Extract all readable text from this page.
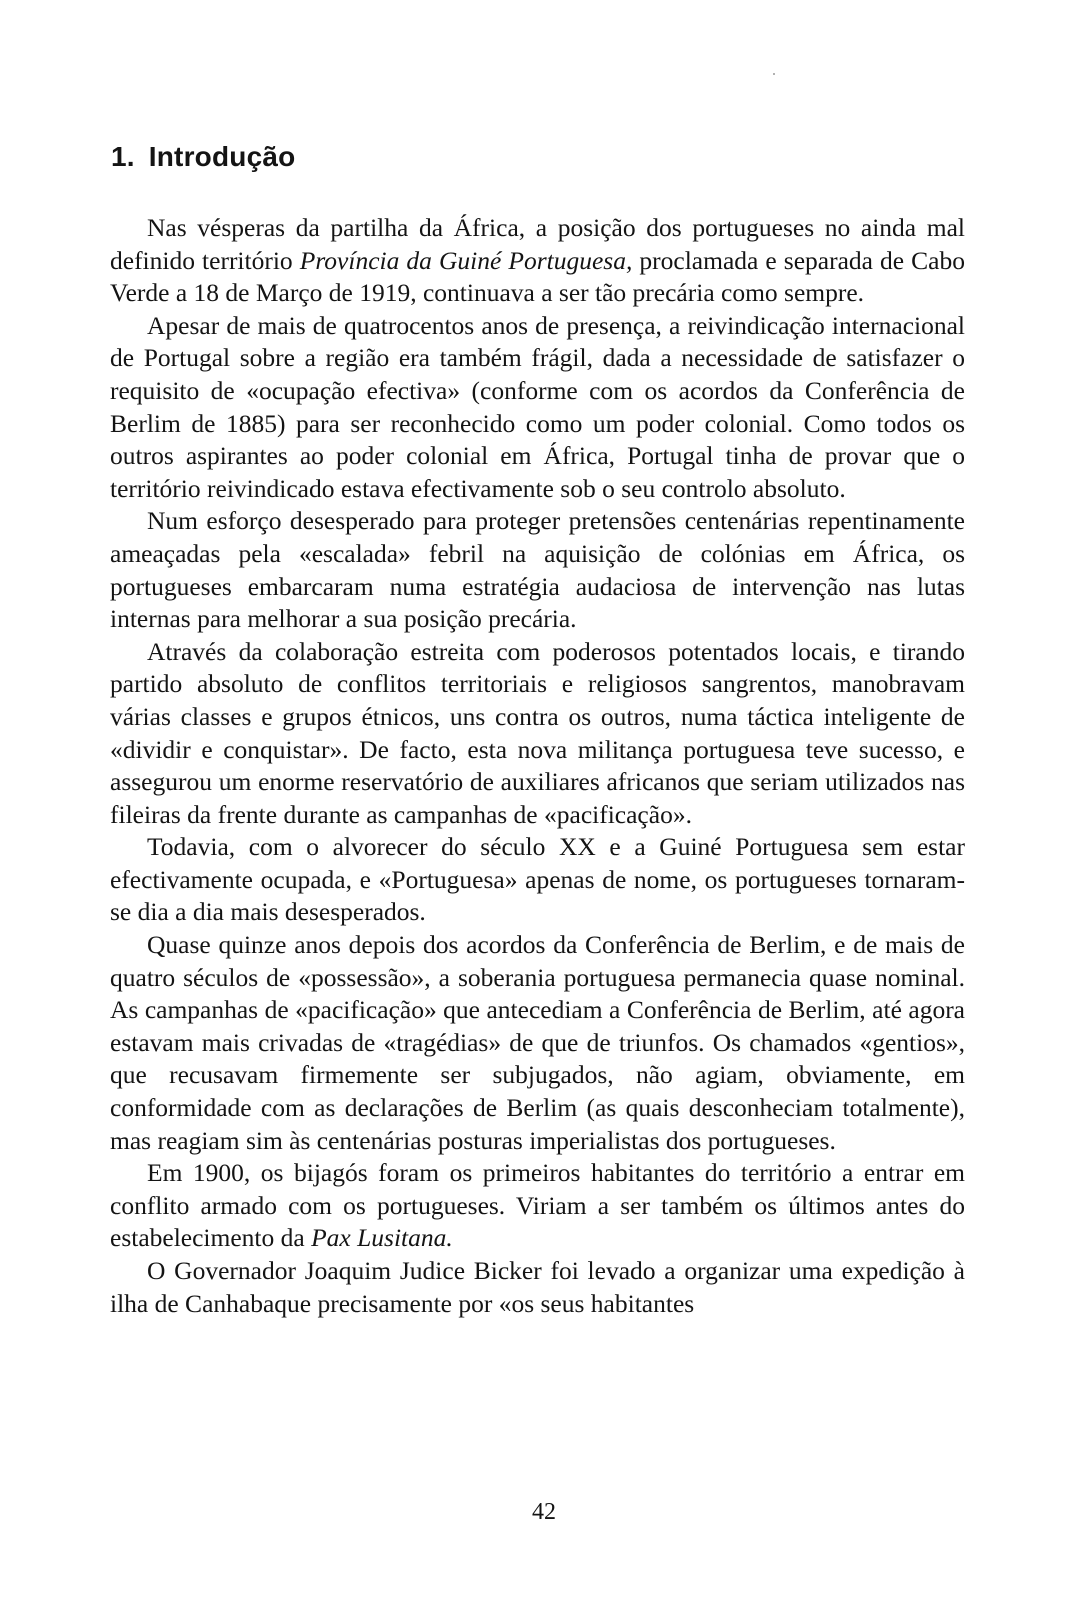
1. Introdução

Nas vésperas da partilha da África, a posição dos portugueses no ainda mal definido território Província da Guiné Portuguesa, proclamada e separada de Cabo Verde a 18 de Março de 1919, continuava a ser tão precária como sempre.

Apesar de mais de quatrocentos anos de presença, a reivindicação internacional de Portugal sobre a região era também frágil, dada a necessidade de satisfazer o requisito de «ocupação efectiva» (conforme com os acordos da Conferência de Berlim de 1885) para ser reconhecido como um poder colonial. Como todos os outros aspirantes ao poder colonial em África, Portugal tinha de provar que o território reivindicado estava efectivamente sob o seu controlo absoluto.

Num esforço desesperado para proteger pretensões centenárias repentinamente ameaçadas pela «escalada» febril na aquisição de colónias em África, os portugueses embarcaram numa estratégia audaciosa de intervenção nas lutas internas para melhorar a sua posição precária.

Através da colaboração estreita com poderosos potentados locais, e tirando partido absoluto de conflitos territoriais e religiosos sangrentos, manobravam várias classes e grupos étnicos, uns contra os outros, numa táctica inteligente de «dividir e conquistar». De facto, esta nova militança portuguesa teve sucesso, e assegurou um enorme reservatório de auxiliares africanos que seriam utilizados nas fileiras da frente durante as campanhas de «pacificação».

Todavia, com o alvorecer do século XX e a Guiné Portuguesa sem estar efectivamente ocupada, e «Portuguesa» apenas de nome, os portugueses tornaram-se dia a dia mais desesperados.

Quase quinze anos depois dos acordos da Conferência de Berlim, e de mais de quatro séculos de «possessão», a soberania portuguesa permanecia quase nominal. As campanhas de «pacificação» que antecediam a Conferência de Berlim, até agora estavam mais crivadas de «tragédias» de que de triunfos. Os chamados «gentios», que recusavam firmemente ser subjugados, não agiam, obviamente, em conformidade com as declarações de Berlim (as quais desconheciam totalmente), mas reagiam sim às centenárias posturas imperialistas dos portugueses.

Em 1900, os bijagós foram os primeiros habitantes do território a entrar em conflito armado com os portugueses. Viriam a ser também os últimos antes do estabelecimento da Pax Lusitana.

O Governador Joaquim Judice Bicker foi levado a organizar uma expedição à ilha de Canhabaque precisamente por «os seus habitantes

42
